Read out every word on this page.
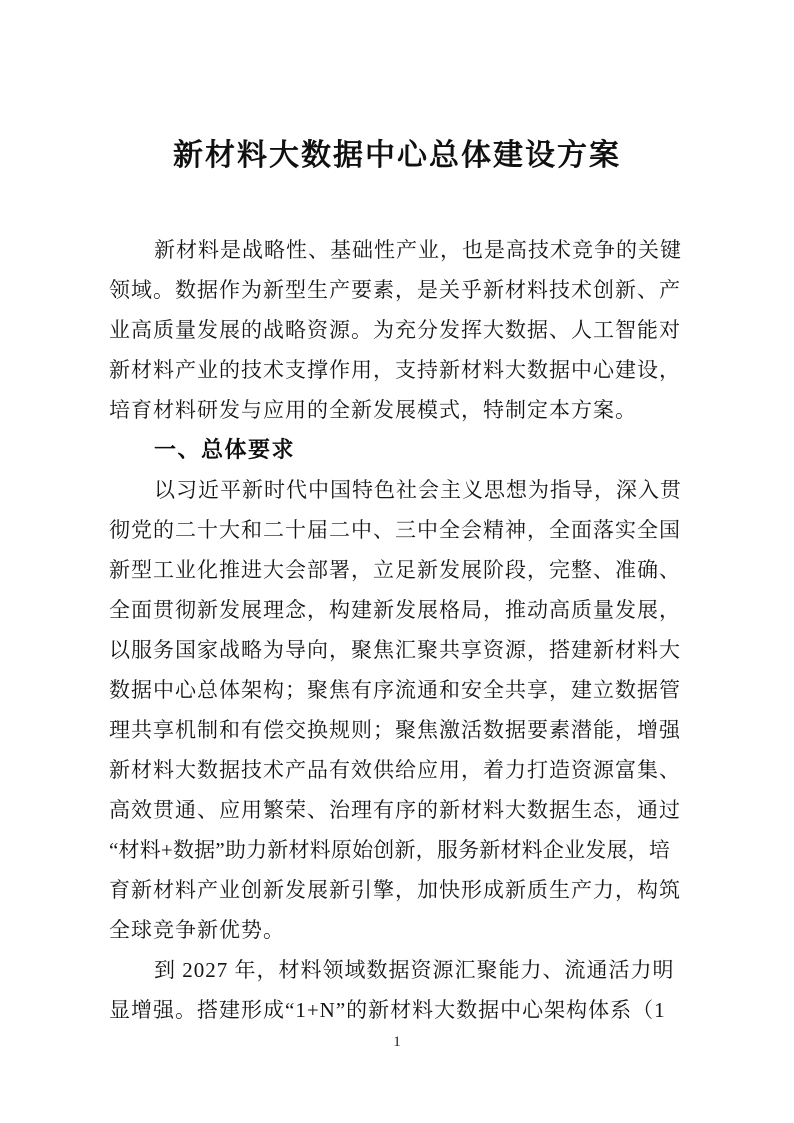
新材料大数据中心总体建设方案
新材料是战略性、基础性产业，也是高技术竞争的关键
领域。数据作为新型生产要素，是关乎新材料技术创新、产
业高质量发展的战略资源。为充分发挥大数据、人工智能对
新材料产业的技术支撑作用，支持新材料大数据中心建设，
培育材料研发与应用的全新发展模式，特制定本方案。
一、总体要求
以习近平新时代中国特色社会主义思想为指导，深入贯
彻党的二十大和二十届二中、三中全会精神，全面落实全国
新型工业化推进大会部署，立足新发展阶段，完整、准确、
全面贯彻新发展理念，构建新发展格局，推动高质量发展，
以服务国家战略为导向，聚焦汇聚共享资源，搭建新材料大
数据中心总体架构；聚焦有序流通和安全共享，建立数据管
理共享机制和有偿交换规则；聚焦激活数据要素潜能，增强
新材料大数据技术产品有效供给应用，着力打造资源富集、
高效贯通、应用繁荣、治理有序的新材料大数据生态，通过
“材料+数据”助力新材料原始创新，服务新材料企业发展，培
育新材料产业创新发展新引擎，加快形成新质生产力，构筑
全球竞争新优势。
到 2027 年，材料领域数据资源汇聚能力、流通活力明
显增强。搭建形成“1+N”的新材料大数据中心架构体系（1
1
